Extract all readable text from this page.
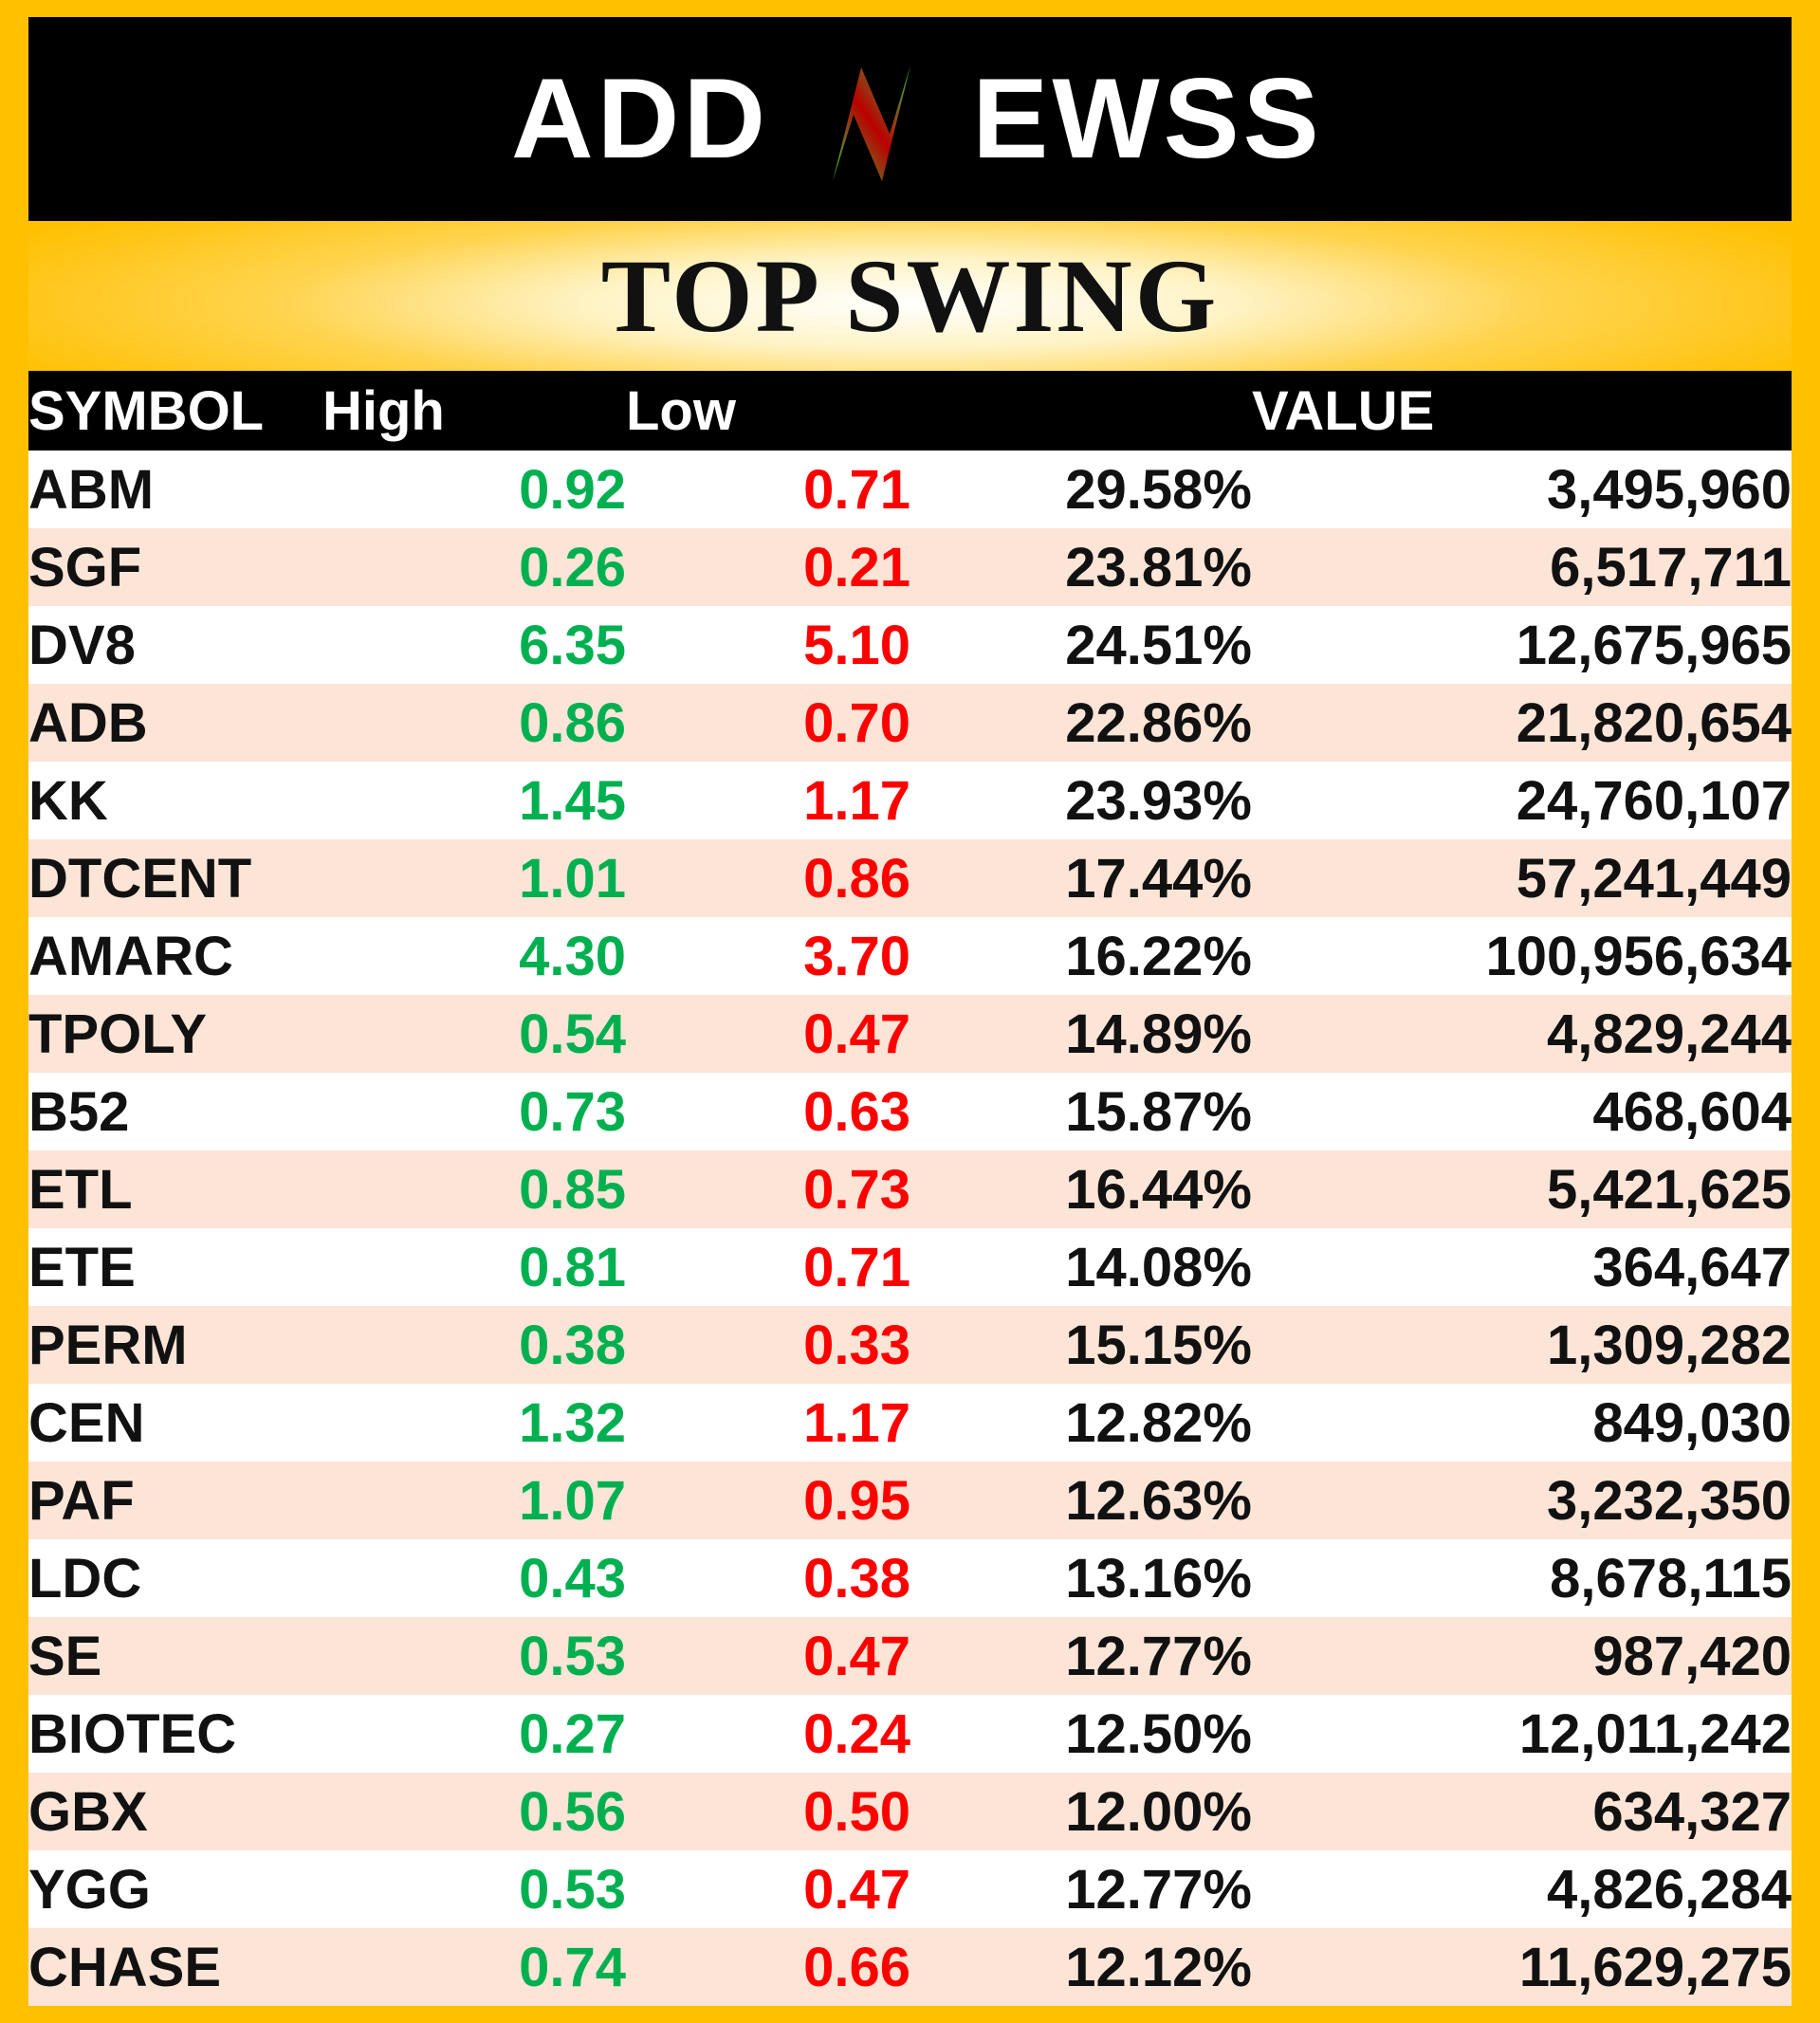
ADD EWSS
TOP SWING
SYMBOL	High	Low		VALUE
ABM	0.92	0.71	29.58%	3,495,960
SGF	0.26	0.21	23.81%	6,517,711
DV8	6.35	5.10	24.51%	12,675,965
ADB	0.86	0.70	22.86%	21,820,654
KK	1.45	1.17	23.93%	24,760,107
DTCENT	1.01	0.86	17.44%	57,241,449
AMARC	4.30	3.70	16.22%	100,956,634
TPOLY	0.54	0.47	14.89%	4,829,244
B52	0.73	0.63	15.87%	468,604
ETL	0.85	0.73	16.44%	5,421,625
ETE	0.81	0.71	14.08%	364,647
PERM	0.38	0.33	15.15%	1,309,282
CEN	1.32	1.17	12.82%	849,030
PAF	1.07	0.95	12.63%	3,232,350
LDC	0.43	0.38	13.16%	8,678,115
SE	0.53	0.47	12.77%	987,420
BIOTEC	0.27	0.24	12.50%	12,011,242
GBX	0.56	0.50	12.00%	634,327
YGG	0.53	0.47	12.77%	4,826,284
CHASE	0.74	0.66	12.12%	11,629,275
